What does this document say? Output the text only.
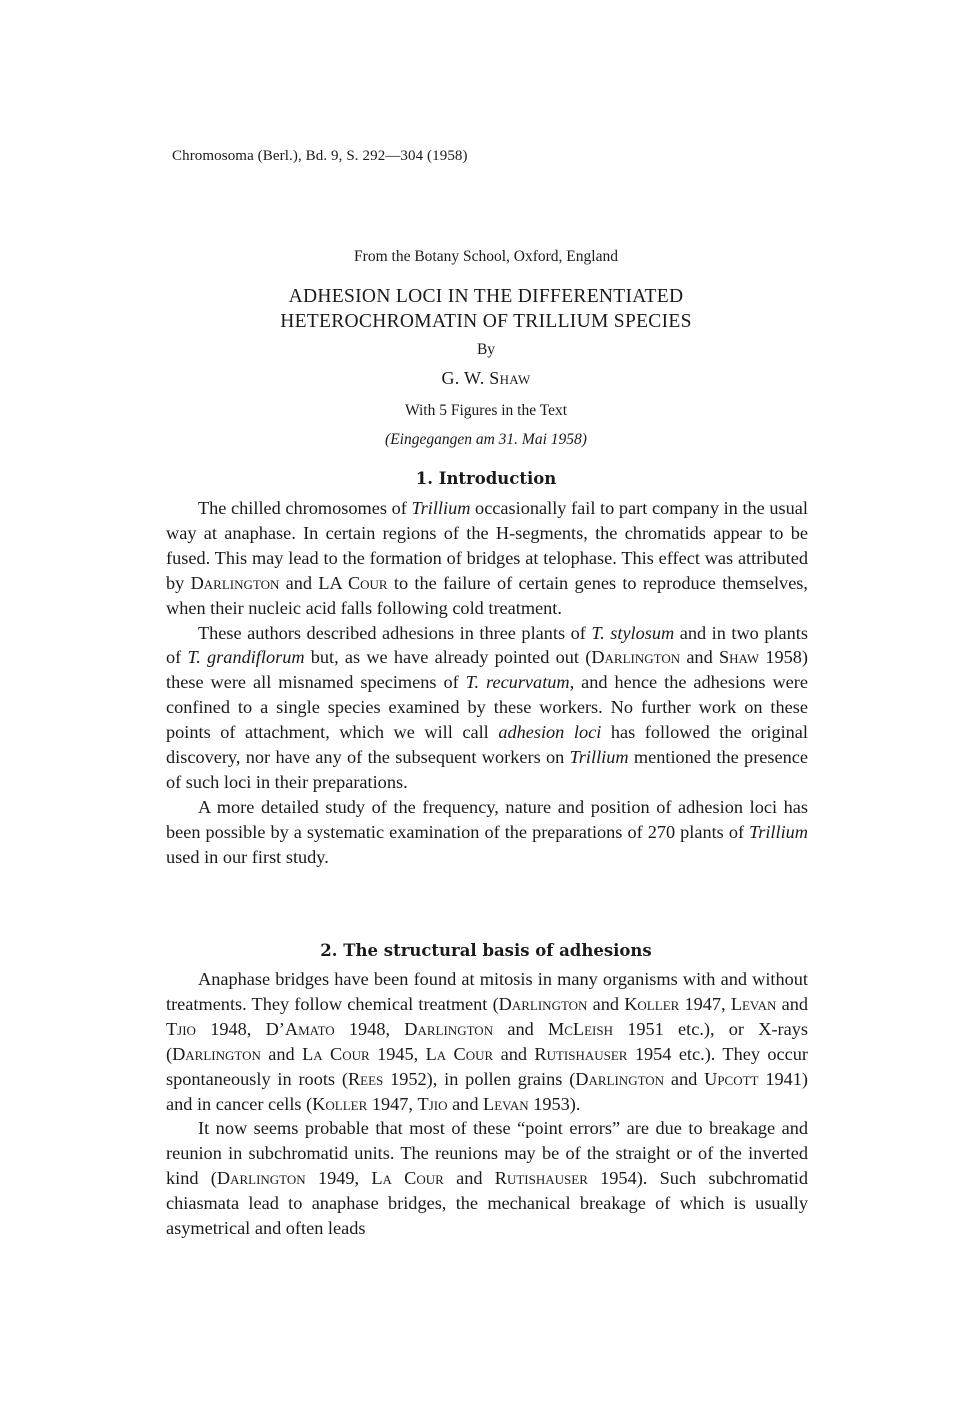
Chromosoma (Berl.), Bd. 9, S. 292—304 (1958)
From the Botany School, Oxford, England
ADHESION LOCI IN THE DIFFERENTIATED
HETEROCHROMATIN OF TRILLIUM SPECIES
By
G. W. Shaw
With 5 Figures in the Text
(Eingegangen am 31. Mai 1958)
1. Introduction

The chilled chromosomes of Trillium occasionally fail to part company in the usual way at anaphase. In certain regions of the H-segments, the chromatids appear to be fused. This may lead to the formation of bridges at telophase. This effect was attributed by Darlington and LA Cour to the failure of certain genes to reproduce themselves, when their nucleic acid falls following cold treatment.

These authors described adhesions in three plants of T. stylosum and in two plants of T. grandiflorum but, as we have already pointed out (Darlington and Shaw 1958) these were all misnamed specimens of T. recurvatum, and hence the adhesions were confined to a single species examined by these workers. No further work on these points of attachment, which we will call adhesion loci has followed the original discovery, nor have any of the subsequent workers on Trillium mentioned the presence of such loci in their preparations.

A more detailed study of the frequency, nature and position of adhesion loci has been possible by a systematic examination of the preparations of 270 plants of Trillium used in our first study.

2. The structural basis of adhesions

Anaphase bridges have been found at mitosis in many organisms with and without treatments. They follow chemical treatment (Darlington and Koller 1947, Levan and Tjio 1948, D’Amato 1948, Darlington and McLeish 1951 etc.), or X-rays (Darlington and La Cour 1945, La Cour and Rutishauser 1954 etc.). They occur spontaneously in roots (Rees 1952), in pollen grains (Darlington and Upcott 1941) and in cancer cells (Koller 1947, Tjio and Levan 1953).

It now seems probable that most of these “point errors” are due to breakage and reunion in subchromatid units. The reunions may be of the straight or of the inverted kind (Darlington 1949, La Cour and Rutishauser 1954). Such subchromatid chiasmata lead to anaphase bridges, the mechanical breakage of which is usually asymetrical and often leads
